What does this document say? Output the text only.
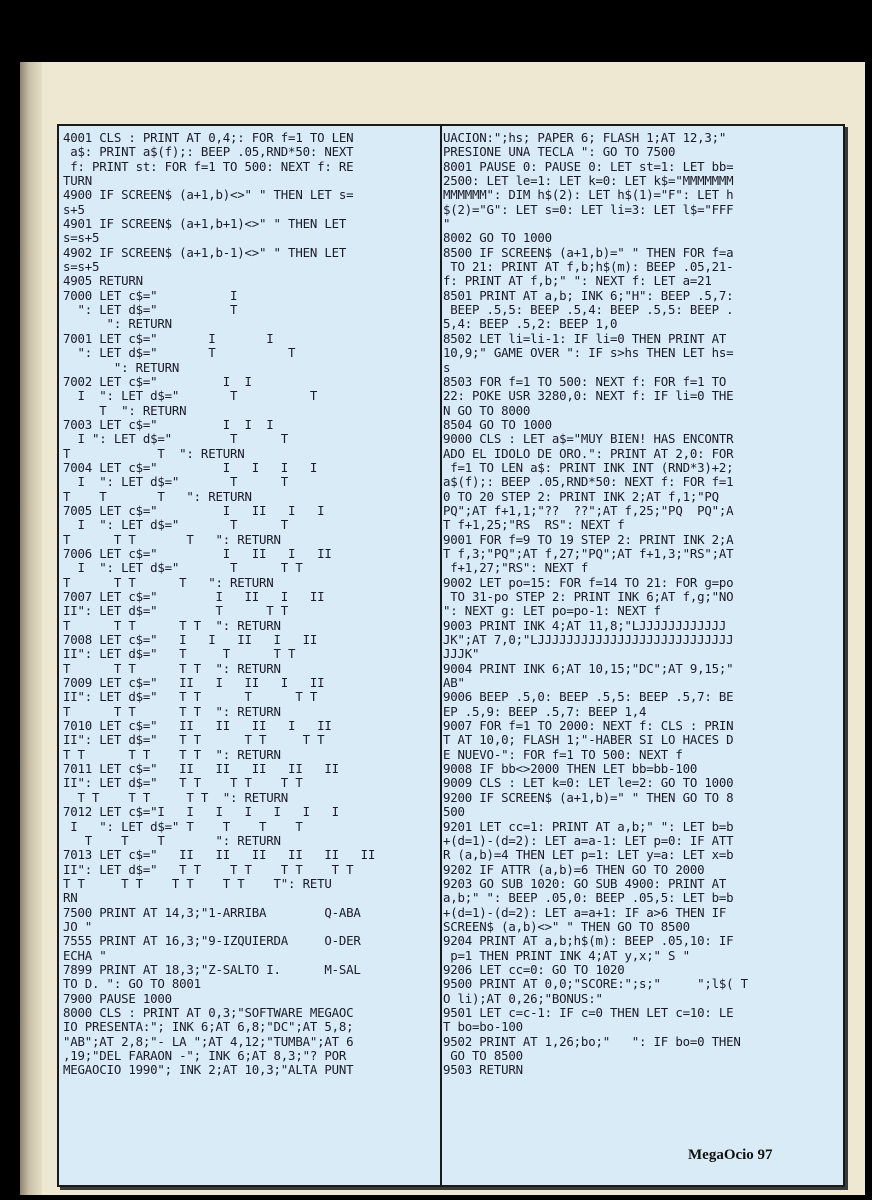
4001 CLS : PRINT AT 0,4;: FOR f=1 TO LEN
a$: PRINT a$(f);: BEEP .05,RND*50: NEXT
f: PRINT st: FOR f=1 TO 500: NEXT f: RE
TURN
4900 IF SCREEN$ (a+1,b)<>" " THEN LET s=
s+5
4901 IF SCREEN$ (a+1,b+1)<>" " THEN LET
s=s+5
4902 IF SCREEN$ (a+1,b-1)<>" " THEN LET
s=s+5
4905 RETURN
7000 LET c$="          I
": LET d$="          T
": RETURN
7001 LET c$="       I       I
": LET d$="       T          T
": RETURN
7002 LET c$="         I  I
I  ": LET d$="       T          T
T  ": RETURN
7003 LET c$="         I  I  I
I ": LET d$="        T      T
T            T  ": RETURN
7004 LET c$="         I   I   I   I
I  ": LET d$="       T      T
T    T       T   ": RETURN
7005 LET c$="         I   II   I   I
I  ": LET d$="       T      T
T      T T       T   ": RETURN
7006 LET c$="         I   II   I   II
I  ": LET d$="       T      T T
T      T T      T   ": RETURN
7007 LET c$="        I   II   I   II
II": LET d$="        T      T T
T      T T      T T  ": RETURN
7008 LET c$="   I   I   II   I   II
II": LET d$="   T     T      T T
T      T T      T T  ": RETURN
7009 LET c$="   II   I   II   I   II
II": LET d$="   T T      T      T T
T      T T      T T  ": RETURN
7010 LET c$="   II   II   II   I   II
II": LET d$="   T T      T T     T T
T T      T T    T T  ": RETURN
7011 LET c$="   II   II   II   II   II
II": LET d$="   T T    T T    T T
T T    T T     T T  ": RETURN
7012 LET c$="I   I   I   I   I   I   I
I   ": LET d$=" T    T    T    T
T    T    T       ": RETURN
7013 LET c$="   II   II   II   II   II   II
II": LET d$="   T T    T T    T T    T T
T T     T T    T T    T T    T": RETU
RN
7500 PRINT AT 14,3;"1-ARRIBA        Q-ABA
JO "
7555 PRINT AT 16,3;"9-IZQUIERDA     O-DER
ECHA "
7899 PRINT AT 18,3;"Z-SALTO I.      M-SAL
TO D. ": GO TO 8001
7900 PAUSE 1000
8000 CLS : PRINT AT 0,3;"SOFTWARE MEGAOC
IO PRESENTA:"; INK 6;AT 6,8;"DC";AT 5,8;
"AB";AT 2,8;"- LA ";AT 4,12;"TUMBA";AT 6
,19;"DEL FARAON -"; INK 6;AT 8,3;"? POR
MEGAOCIO 1990"; INK 2;AT 10,3;"ALTA PUNT
UACION:";hs; PAPER 6; FLASH 1;AT 12,3;"
PRESIONE UNA TECLA ": GO TO 7500
8001 PAUSE 0: PAUSE 0: LET st=1: LET bb=
2500: LET le=1: LET k=0: LET k$="MMMMMMM
MMMMMM": DIM h$(2): LET h$(1)="F": LET h
$(2)="G": LET s=0: LET li=3: LET l$="FFF
"
8002 GO TO 1000
8500 IF SCREEN$ (a+1,b)=" " THEN FOR f=a
TO 21: PRINT AT f,b;h$(m): BEEP .05,21-
f: PRINT AT f,b;" ": NEXT f: LET a=21
8501 PRINT AT a,b; INK 6;"H": BEEP .5,7:
BEEP .5,5: BEEP .5,4: BEEP .5,5: BEEP .
5,4: BEEP .5,2: BEEP 1,0
8502 LET li=li-1: IF li=0 THEN PRINT AT
10,9;" GAME OVER ": IF s>hs THEN LET hs=
s
8503 FOR f=1 TO 500: NEXT f: FOR f=1 TO
22: POKE USR 3280,0: NEXT f: IF li=0 THE
N GO TO 8000
8504 GO TO 1000
9000 CLS : LET a$="MUY BIEN! HAS ENCONTR
ADO EL IDOLO DE ORO.": PRINT AT 2,0: FOR
f=1 TO LEN a$: PRINT INK INT (RND*3)+2;
a$(f);: BEEP .05,RND*50: NEXT f: FOR f=1
0 TO 20 STEP 2: PRINT INK 2;AT f,1;"PQ
PQ";AT f+1,1;"??  ??";AT f,25;"PQ  PQ";A
T f+1,25;"RS  RS": NEXT f
9001 FOR f=9 TO 19 STEP 2: PRINT INK 2;A
T f,3;"PQ";AT f,27;"PQ";AT f+1,3;"RS";AT
f+1,27;"RS": NEXT f
9002 LET po=15: FOR f=14 TO 21: FOR g=po
TO 31-po STEP 2: PRINT INK 6;AT f,g;"NO
": NEXT g: LET po=po-1: NEXT f
9003 PRINT INK 4;AT 11,8;"LJJJJJJJJJJJJ
JK";AT 7,0;"LJJJJJJJJJJJJJJJJJJJJJJJJJJJ
JJJK"
9004 PRINT INK 6;AT 10,15;"DC";AT 9,15;"
AB"
9006 BEEP .5,0: BEEP .5,5: BEEP .5,7: BE
EP .5,9: BEEP .5,7: BEEP 1,4
9007 FOR f=1 TO 2000: NEXT f: CLS : PRIN
T AT 10,0; FLASH 1;"-HABER SI LO HACES D
E NUEVO-": FOR f=1 TO 500: NEXT f
9008 IF bb<>2000 THEN LET bb=bb-100
9009 CLS : LET k=0: LET le=2: GO TO 1000
9200 IF SCREEN$ (a+1,b)=" " THEN GO TO 8
500
9201 LET cc=1: PRINT AT a,b;" ": LET b=b
+(d=1)-(d=2): LET a=a-1: LET p=0: IF ATT
R (a,b)=4 THEN LET p=1: LET y=a: LET x=b
9202 IF ATTR (a,b)=6 THEN GO TO 2000
9203 GO SUB 1020: GO SUB 4900: PRINT AT
a,b;" ": BEEP .05,0: BEEP .05,5: LET b=b
+(d=1)-(d=2): LET a=a+1: IF a>6 THEN IF
SCREEN$ (a,b)<>" " THEN GO TO 8500
9204 PRINT AT a,b;h$(m): BEEP .05,10: IF
p=1 THEN PRINT INK 4;AT y,x;" S "
9206 LET cc=0: GO TO 1020
9500 PRINT AT 0,0;"SCORE:";s;"     ";l$( T
O li);AT 0,26;"BONUS:"
9501 LET c=c-1: IF c=0 THEN LET c=10: LE
T bo=bo-100
9502 PRINT AT 1,26;bo;"   ": IF bo=0 THEN
GO TO 8500
9503 RETURN
MegaOcio 97
